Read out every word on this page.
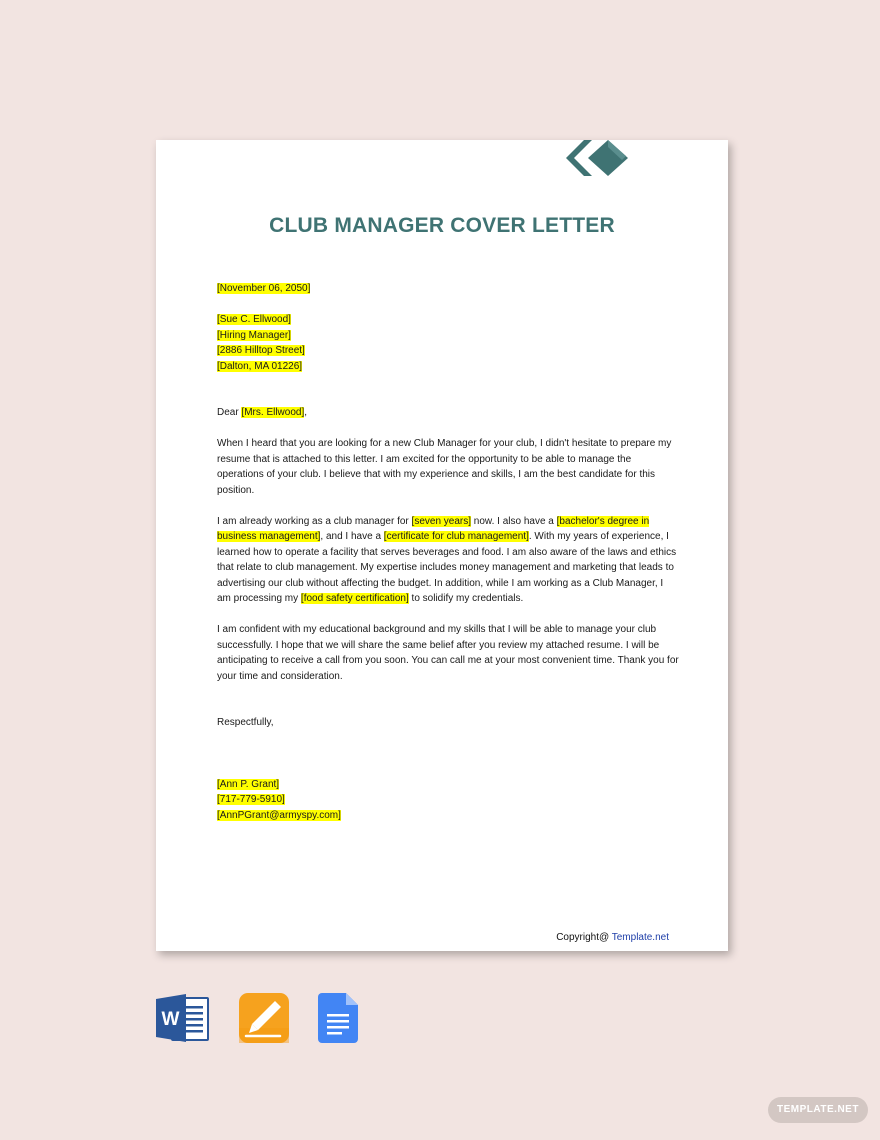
CLUB MANAGER COVER LETTER

[November 06, 2050]

[Sue C. Ellwood]

[Hiring Manager]

[2886 Hilltop Street]

[Dalton, MA 01226]

Dear [Mrs. Ellwood],

When I heard that you are looking for a new Club Manager for your club, I didn't hesitate to prepare my resume that is attached to this letter. I am excited for the opportunity to be able to manage the operations of your club. I believe that with my experience and skills, I am the best candidate for this position.

I am already working as a club manager for [seven years] now. I also have a [bachelor's degree in business management], and I have a [certificate for club management]. With my years of experience, I learned how to operate a facility that serves beverages and food. I am also aware of the laws and ethics that relate to club management. My expertise includes money management and marketing that leads to advertising our club without affecting the budget. In addition, while I am working as a Club Manager, I am processing my [food safety certification] to solidify my credentials.

I am confident with my educational background and my skills that I will be able to manage your club successfully. I hope that we will share the same belief after you review my attached resume. I will be anticipating to receive a call from you soon. You can call me at your most convenient time. Thank you for your time and consideration.

Respectfully,

[Ann P. Grant]

[717-779-5910]

[AnnPGrant@armyspy.com]

Copyright@ Template.net
W
TEMPLATE.NET
